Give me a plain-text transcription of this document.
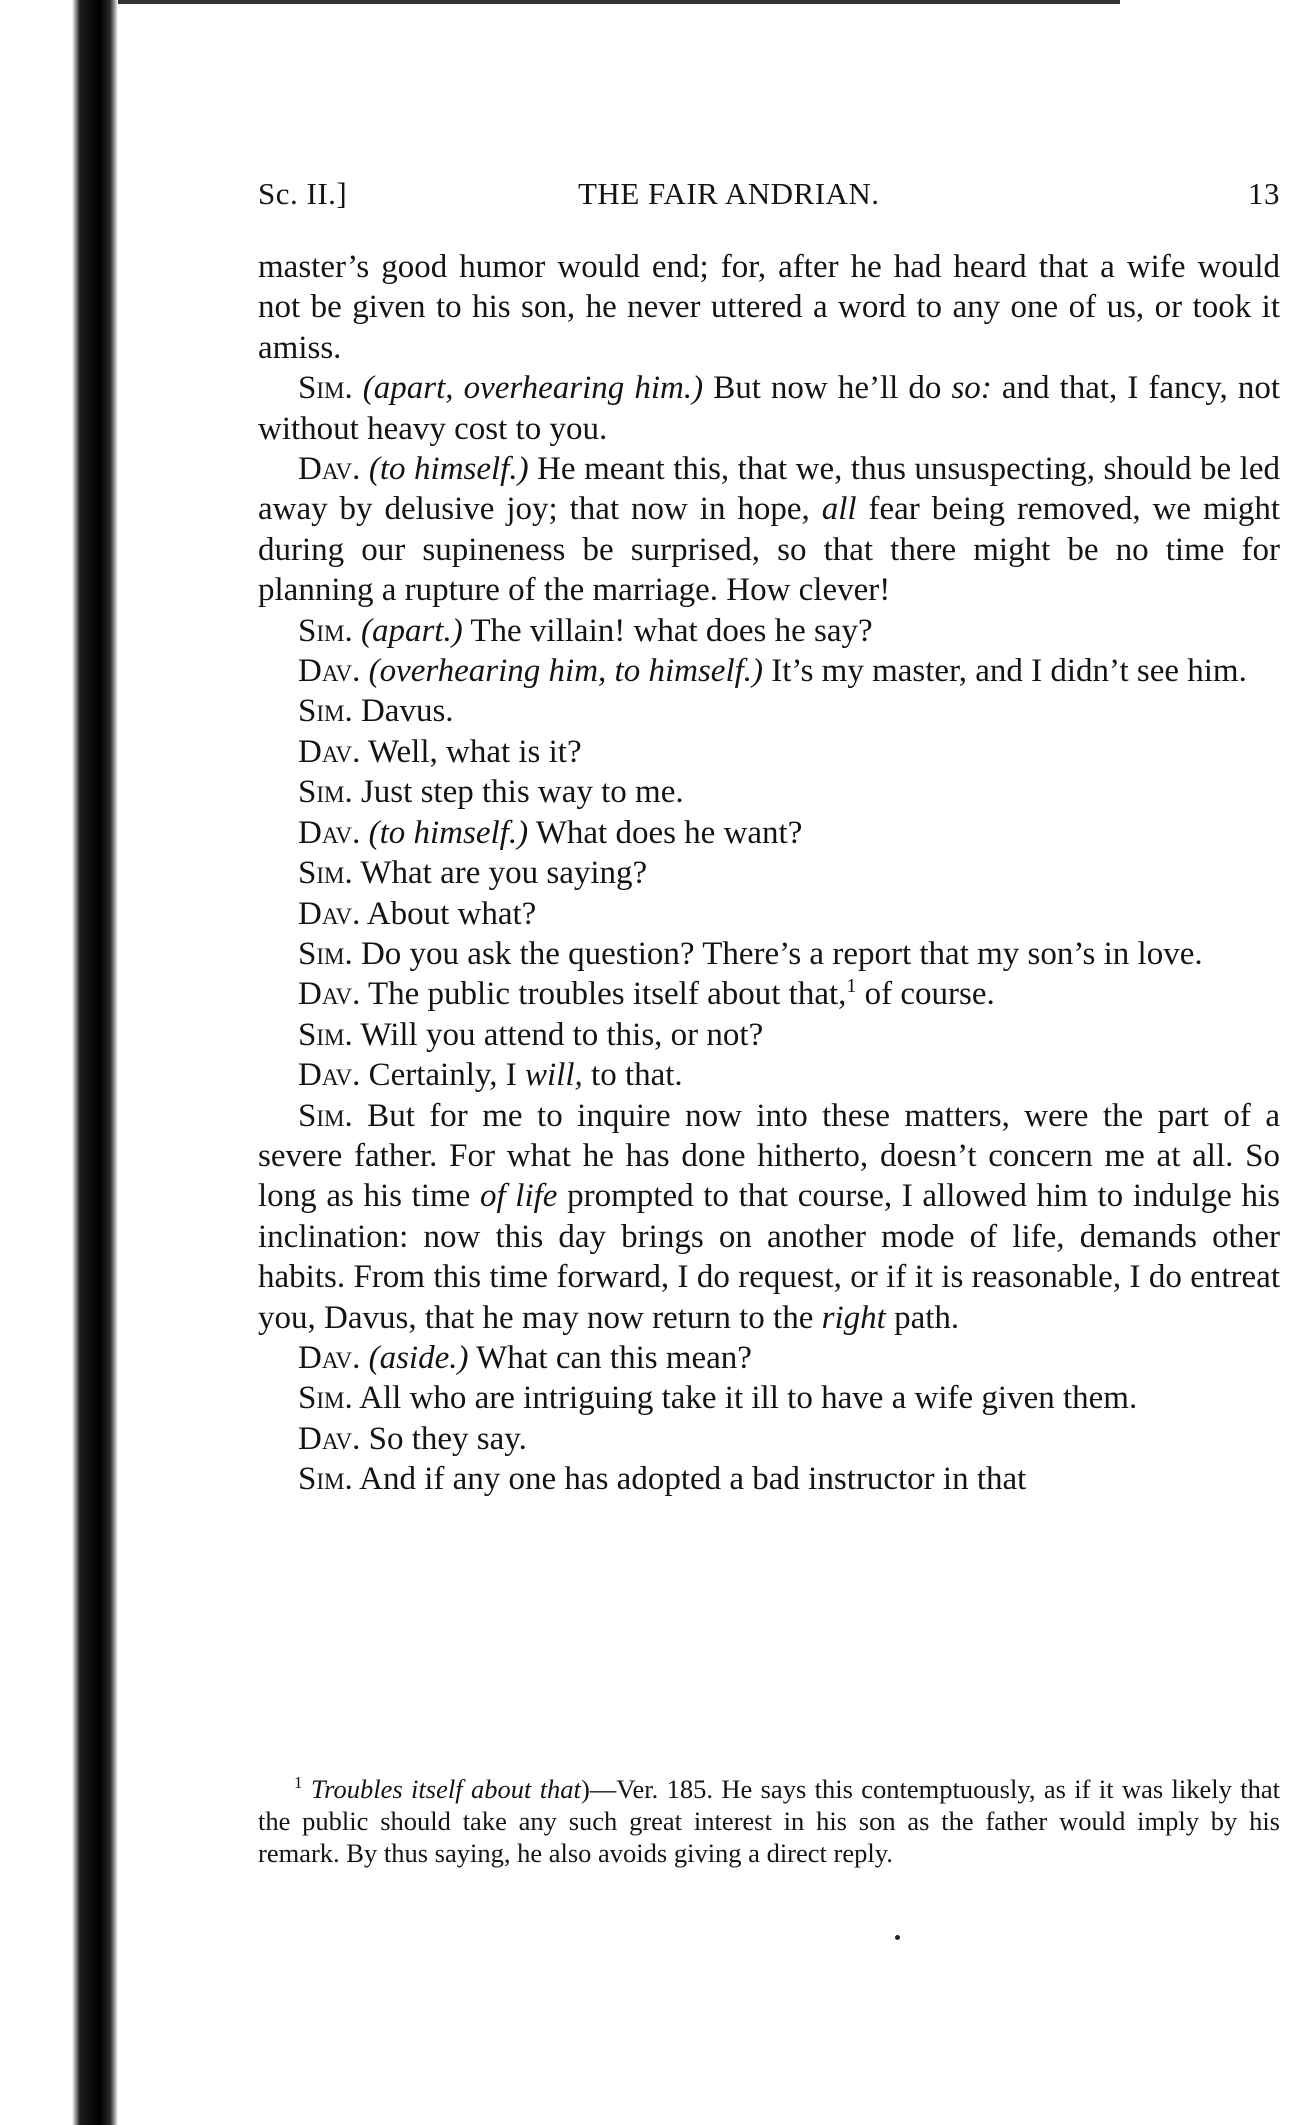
Sc. II.]	THE FAIR ANDRIAN.	13

master’s good humor would end; for, after he had heard that a wife would not be given to his son, he never uttered a word to any one of us, or took it amiss.

Sim. (apart, overhearing him.) But now he’ll do so: and that, I fancy, not without heavy cost to you.

Dav. (to himself.) He meant this, that we, thus unsuspecting, should be led away by delusive joy; that now in hope, all fear being removed, we might during our supineness be surprised, so that there might be no time for planning a rupture of the marriage. How clever!

Sim. (apart.) The villain! what does he say?

Dav. (overhearing him, to himself.) It’s my master, and I didn’t see him.

Sim. Davus.

Dav. Well, what is it?

Sim. Just step this way to me.

Dav. (to himself.) What does he want?

Sim. What are you saying?

Dav. About what?

Sim. Do you ask the question? There’s a report that my son’s in love.

Dav. The public troubles itself about that,$^1$ of course.

Sim. Will you attend to this, or not?

Dav. Certainly, I will, to that.

Sim. But for me to inquire now into these matters, were the part of a severe father. For what he has done hitherto, doesn’t concern me at all. So long as his time of life prompted to that course, I allowed him to indulge his inclination: now this day brings on another mode of life, demands other habits. From this time forward, I do request, or if it is reasonable, I do entreat you, Davus, that he may now return to the right path.

Dav. (aside.) What can this mean?

Sim. All who are intriguing take it ill to have a wife given them.

Dav. So they say.

Sim. And if any one has adopted a bad instructor in that

$^1$ Troubles itself about that)—Ver. 185. He says this contemptuously, as if it was likely that the public should take any such great interest in his son as the father would imply by his remark. By thus saying, he also avoids giving a direct reply.
